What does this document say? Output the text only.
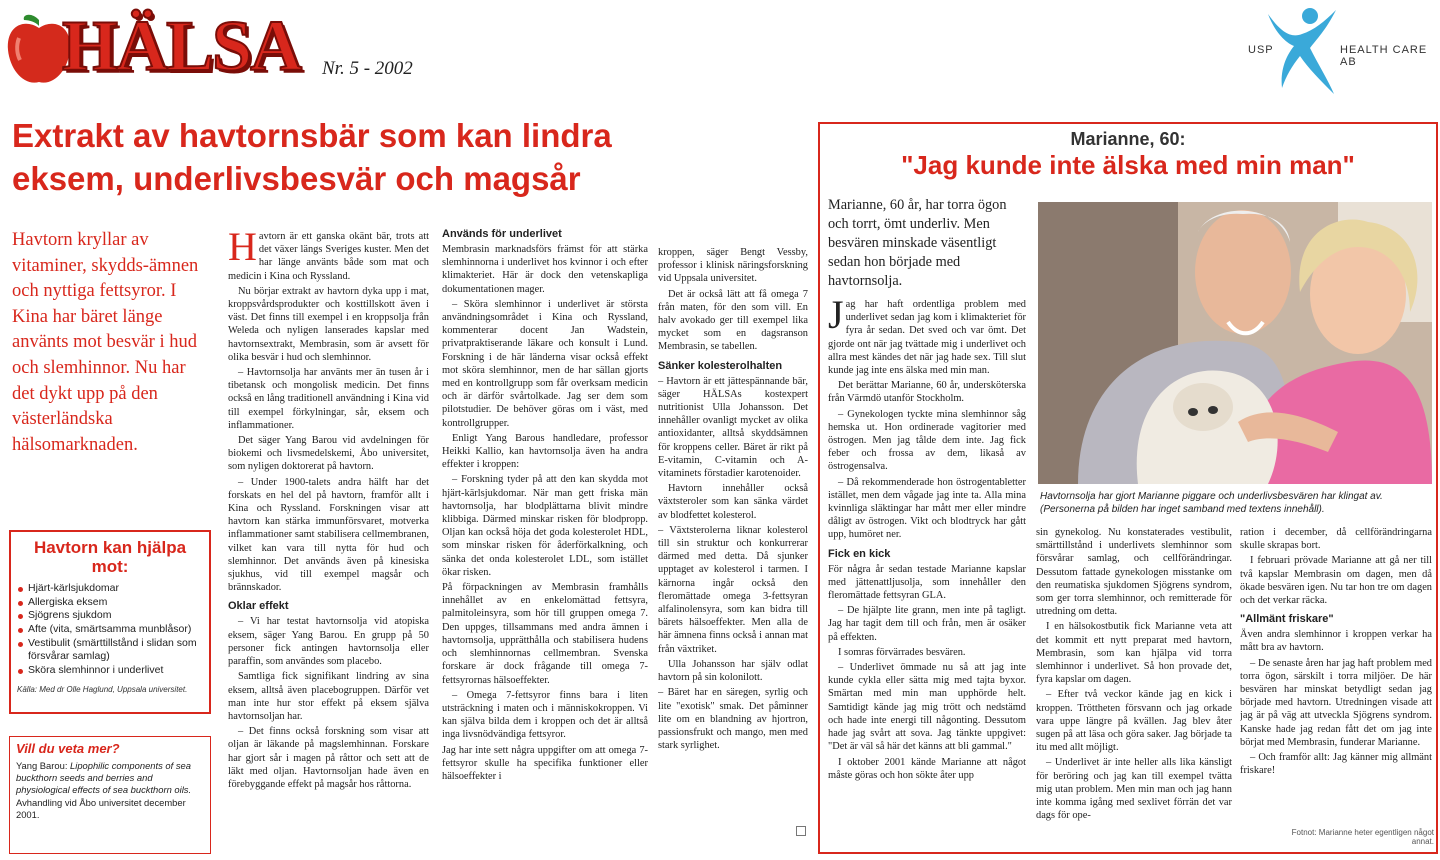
HÄLSA Nr. 5 - 2002
USP	HEALTH CARE AB
Extrakt av havtornsbär som kan lindra
eksem, underlivsbesvär och magsår
Havtorn kryllar av vitaminer, skydds-ämnen och nyttiga fettsyror. I Kina har bäret länge använts mot besvär i hud och slemhinnor. Nu har det dykt upp på den västerländska hälsomarknaden.
Havtorn kan hjälpa mot:
Hjärt-kärlsjukdomar
Allergiska eksem
Sjögrens sjukdom
Afte (vita, smärtsamma munblåsor)
Vestibulit (smärttillstånd i slidan som försvårar samlag)
Sköra slemhinnor i underlivet
Källa: Med dr Olle Haglund, Uppsala universitet.
Vill du veta mer?
Yang Barou: Lipophilic components of sea buckthorn seeds and berries and physiological effects of sea buckthorn oils. Avhandling vid Åbo universitet december 2001.

Havtorn är ett ganska okänt bär, trots att det växer längs Sveriges kuster. Men det har länge använts både som mat och medicin i Kina och Ryssland.

Nu börjar extrakt av havtorn dyka upp i mat, kroppsvårdsprodukter och kosttillskott även i väst. Det finns till exempel i en kroppsolja från Weleda och nyligen lanserades kapslar med havtornsextrakt, Membrasin, som är avsett för olika besvär i hud och slemhinnor.

– Havtornsolja har använts mer än tusen år i tibetansk och mongolisk medicin. Det finns också en lång traditionell användning i Kina vid till exempel förkylningar, sår, eksem och inflammationer.

Det säger Yang Barou vid avdelningen för biokemi och livsmedelskemi, Åbo universitet, som nyligen doktorerat på havtorn.

– Under 1900-talets andra hälft har det forskats en hel del på havtorn, framför allt i Kina och Ryssland. Forskningen visar att havtorn kan stärka immunförsvaret, motverka inflammationer samt stabilisera cellmembranen, vilket kan vara till nytta för hud och slemhinnor. Det används även på kinesiska sjukhus, vid till exempel magsår och brännskador.

Oklar effekt

– Vi har testat havtornsolja vid atopiska eksem, säger Yang Barou. En grupp på 50 personer fick antingen havtornsolja eller paraffin, som användes som placebo.

Samtliga fick signifikant lindring av sina eksem, alltså även placebogruppen. Därför vet man inte hur stor effekt på eksem själva havtornsoljan har.

– Det finns också forskning som visar att oljan är läkande på magslemhinnan. Forskare har gjort sår i magen på råttor och sett att de läkt med oljan. Havtornsoljan hade även en förebyggande effekt på magsår hos råttorna.

Används för underlivet

Membrasin marknadsförs främst för att stärka slemhinnorna i underlivet hos kvinnor i och efter klimakteriet. Här är dock den vetenskapliga dokumentationen mager.

– Sköra slemhinnor i underlivet är största användningsområdet i Kina och Ryssland, kommenterar docent Jan Wadstein, privatpraktiserande läkare och konsult i Lund. Forskning i de här länderna visar också effekt mot sköra slemhinnor, men de har sällan gjorts med en kontrollgrupp som får overksam medicin och är därför svårtolkade. Jag ser dem som pilotstudier. De behöver göras om i väst, med kontrollgrupper.

Enligt Yang Barous handledare, professor Heikki Kallio, kan havtornsolja även ha andra effekter i kroppen:

– Forskning tyder på att den kan skydda mot hjärt-kärlsjukdomar. När man gett friska män havtornsolja, har blodplättarna blivit mindre klibbiga. Därmed minskar risken för blodpropp. Oljan kan också höja det goda kolesterolet HDL, som minskar risken för åderförkalkning, och sänka det onda kolesterolet LDL, som istället ökar risken.

På förpackningen av Membrasin framhålls innehållet av en enkelomättad fettsyra, palmitoleinsyra, som hör till gruppen omega 7. Den uppges, tillsammans med andra ämnen i havtornsolja, upprätthålla och stabilisera hudens och slemhinnornas cellmembran. Svenska forskare är dock frågande till omega 7-fettsyrornas hälsoeffekter.

– Omega 7-fettsyror finns bara i liten utsträckning i maten och i människokroppen. Vi kan själva bilda dem i kroppen och det är alltså inga livsnödvändiga fettsyror.

Jag har inte sett några uppgifter om att omega 7-fettsyror skulle ha specifika funktioner eller hälsoeffekter i

kroppen, säger Bengt Vessby, professor i klinisk näringsforskning vid Uppsala universitet.

Det är också lätt att få omega 7 från maten, för den som vill. En halv avokado ger till exempel lika mycket som en dagsranson Membrasin, se tabellen.

Sänker kolesterolhalten

– Havtorn är ett jättespännande bär, säger HÄLSAs kostexpert nutritionist Ulla Johansson. Det innehåller ovanligt mycket av olika antioxidanter, alltså skyddsämnen för kroppens celler. Bäret är rikt på E-vitamin, C-vitamin och A-vitaminets förstadier karotenoider.

Havtorn innehåller också växtsteroler som kan sänka värdet av blodfettet kolesterol.

– Växtsterolerna liknar kolesterol till sin struktur och konkurrerar därmed med detta. Då sjunker upptaget av kolesterol i tarmen. I kärnorna ingår också den fleromättade omega 3-fettsyran alfalinolensyra, som kan bidra till bärets hälsoeffekter. Men alla de här ämnena finns också i annan mat från växtriket.

Ulla Johansson har själv odlat havtorn på sin kolonilott.

– Bäret har en säregen, syrlig och lite "exotisk" smak. Det påminner lite om en blandning av hjortron, passionsfrukt och mango, men med stark syrlighet.

Marianne, 60:
"Jag kunde inte älska med min man"
Marianne, 60 år, har torra ögon och torrt, ömt underliv. Men besvären minskade väsentligt sedan hon började med havtornsolja.
Havtornsolja har gjort Marianne piggare och underlivsbesvären har klingat av. (Personerna på bilden har inget samband med textens innehåll).

Jag har haft ordentliga problem med underlivet sedan jag kom i klimakteriet för fyra år sedan. Det sved och var ömt. Det gjorde ont när jag tvättade mig i underlivet och allra mest kändes det när jag hade sex. Till slut kunde jag inte ens älska med min man.

Det berättar Marianne, 60 år, undersköterska från Värmdö utanför Stockholm.

– Gynekologen tyckte mina slemhinnor såg hemska ut. Hon ordinerade vagitorier med östrogen. Men jag tålde dem inte. Jag fick feber och frossa av dem, likaså av östrogensalva.

– Då rekommenderade hon östrogentabletter istället, men dem vågade jag inte ta. Alla mina kvinnliga släktingar har mått mer eller mindre dåligt av östrogen. Vikt och blodtryck har gått upp, humöret ner.

Fick en kick

För några år sedan testade Marianne kapslar med jättenattljusolja, som innehåller den fleromättade fettsyran GLA.

– De hjälpte lite grann, men inte på tagligt. Jag har tagit dem till och från, men är osäker på effekten.

I somras förvärrades besvären.

– Underlivet ömmade nu så att jag inte kunde cykla eller sätta mig med tajta byxor. Smärtan med min man upphörde helt. Samtidigt kände jag mig trött och nedstämd och hade inte energi till någonting. Dessutom hade jag svårt att sova. Jag tänkte uppgivet: "Det är väl så här det känns att bli gammal."

I oktober 2001 kände Marianne att något måste göras och hon sökte åter upp

sin gynekolog. Nu konstaterades vestibulit, smärttillstånd i underlivets slemhinnor som försvårar samlag, och cellförändringar. Dessutom fattade gynekologen misstanke om den reumatiska sjukdomen Sjögrens syndrom, som ger torra slemhinnor, och remitterade för utredning om detta.

I en hälsokostbutik fick Marianne veta att det kommit ett nytt preparat med havtorn, Membrasin, som kan hjälpa vid torra slemhinnor i underlivet. Så hon provade det, fyra kapslar om dagen.

– Efter två veckor kände jag en kick i kroppen. Tröttheten försvann och jag orkade vara uppe längre på kvällen. Jag blev åter sugen på att läsa och göra saker. Jag började ta itu med allt möjligt.

– Underlivet är inte heller alls lika känsligt för beröring och jag kan till exempel tvätta mig utan problem. Men min man och jag hann inte komma igång med sexlivet förrän det var dags för ope-

ration i december, då cellförändringarna skulle skrapas bort.

I februari prövade Marianne att gå ner till två kapslar Membrasin om dagen, men då ökade besvären igen. Nu tar hon tre om dagen och det verkar räcka.

"Allmänt friskare"

Även andra slemhinnor i kroppen verkar ha mått bra av havtorn.

– De senaste åren har jag haft problem med torra ögon, särskilt i torra miljöer. De här besvären har minskat betydligt sedan jag började med havtorn. Utredningen visade att jag är på väg att utveckla Sjögrens syndrom. Kanske hade jag redan fått det om jag inte börjat med Membrasin, funderar Marianne.

– Och framför allt: Jag känner mig allmänt friskare!

Fotnot: Marianne heter egentligen något annat.
